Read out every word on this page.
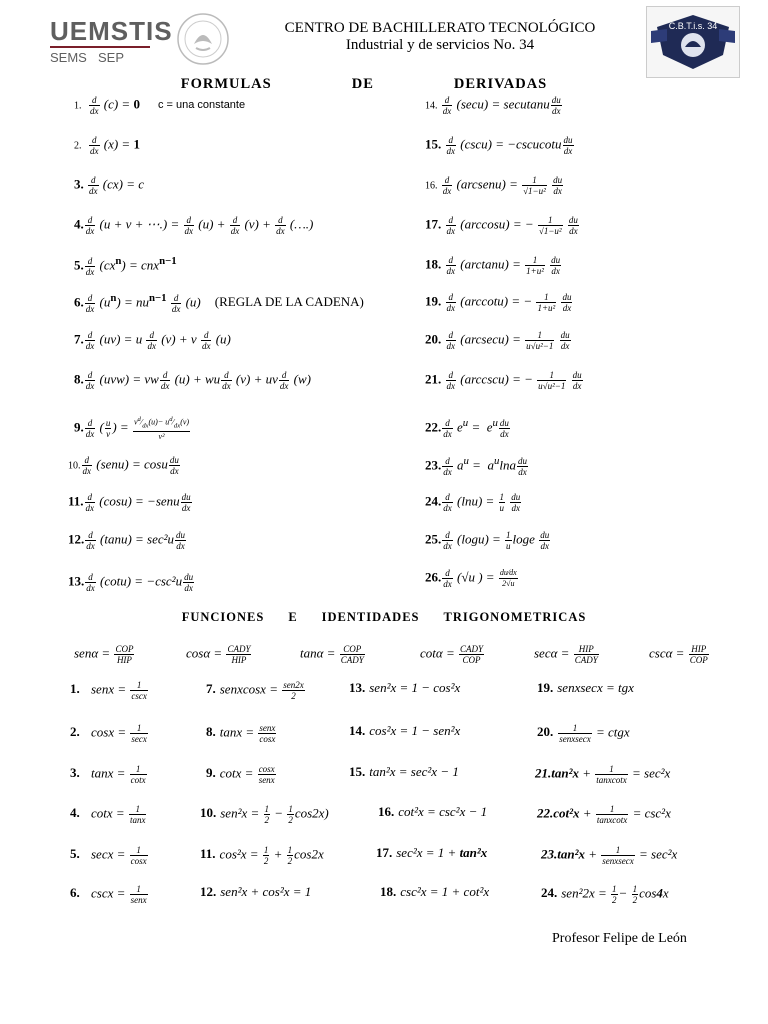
UEMSTIS
SEMS SEP
CENTRO DE BACHILLERATO TECNOLÓGICO
Industrial y de servicios No. 34
C.B.T.i.s. 34
FORMULAS	DE	DERIVADAS
1. $\frac{d}{dx} (c) = 0$ c = una constante
2. $\frac{d}{dx} (x) = 1$
3. $\frac{d}{dx} (cx) = c$
4. $\frac{d}{dx} (u + v$ + ⋯.) = $\frac{d}{dx} (u) + \frac{d}{dx} (v) + \frac{d}{dx}$ (….)
5. $\frac{d}{dx} (cx^n) = cnx^{n-1}$
6. $\frac{d}{dx} (u^n) = nu^{n-1} \frac{d}{dx} (u)$ (REGLA DE LA CADENA)
7. $\frac{d}{dx} (uv) = u \frac{d}{dx} (v) + v \frac{d}{dx} (u)$
8. $\frac{d}{dx} (uvw)$ = vw $\frac{d}{dx} (u)$ + wu $\frac{d}{dx} (v)$ + uv $\frac{d}{dx} (w)$
9. $\frac{d}{dx}$ ( $\frac{u}{v}$ ) = $\frac{v^d⁄_{dx}(u)- u^d⁄_{dx}(v)}{\text{v²}}$
10. $\frac{d}{dx}$ (senu) = cosu $\frac{du}{dx}$
11. $\frac{d}{dx} (\cos u)$ = −senu $\frac{du}{dx}$
12. $\frac{d}{dx} (\tan u) = \sec^2u \frac{du}{dx}$
13. $\frac{d}{dx} (\cot u) = -\csc^2u \frac{du}{dx}$
14. $\frac{d}{dx} (\sec u)$ = secutanu $\frac{du}{dx}$
15. $\frac{d}{dx} (\csc u)$ = −cscucotu $\frac{du}{dx}$
16. $\frac{d}{dx}$ (arcsenu) = $\frac{1}{\text{√1−u²}}$
$\frac{du}{dx}$
17. $\frac{d}{dx} (\arccos u)$ = − $\frac{1}{\text{√1−u²}}$
$\frac{du}{dx}$
18. $\frac{d}{dx} (\arctan u) = \frac{1}{\text{1+u²}}$
$\frac{du}{dx}$
19. $\frac{d}{dx} (arccotu)$ = − $\frac{1}{\text{1+u²}}$
$\frac{du}{dx}$
20. $\frac{d}{dx} (arcsecu) = \frac{1}{\text{u√u²−1}}$
$\frac{du}{dx}$
21. $\frac{d}{dx} (arccscu)$ = − $\frac{1}{\text{u√u²−1}}$
$\frac{du}{dx}$
22. $\frac{d}{dx} e^u = e^u \frac{du}{dx}$
23. $\frac{d}{dx} a^u = a^u\ln a \frac{du}{dx}$
24. $\frac{d}{dx} (\ln u) = \frac{1}{u}$
$\frac{du}{dx}$
25. $\frac{d}{dx} (\log u) = \frac{1}{u}$ loge $\frac{du}{dx}$
26. $\frac{d}{dx} (√u$ ) = $\frac{du⁄dx}{2√u}$
FUNCIONES E IDENTIDADES TRIGONOMETRICAS
senα = COP
HIP	cosα = CADY
HIP	tanα = COP
CADY	cotα = CADY
COP	secα = HIP
CADY	cscα = HIP
COP
1. senx = 1
cscx
2. cosx = 1
secx
3. $\tan x = \frac{1}{\cot x}$
4. $\cot x = \frac{1}{\tan x}$
5. $\sec x = \frac{1}{\cos x}$
6. cscx = 1
senx
7. senxcosx = sen2x
2
8. tanx = senx
cosx
9. cotx = cosx
senx
10. $sen^2x = \frac{1}{2} - \frac{1}{2} \cos 2x$)
11. $\cos^2x = \frac{1}{2} + \frac{1}{2} \cos 2x$
12. sen²x + cos²x = 1
13. sen²x = 1 − cos²x
14. cos²x = 1 − sen²x
15. tan²x = sec²x − 1
16. cot²x = csc²x − 1
17. sec²x = 1 + tan²x
18. csc²x = 1 + cot²x
19. senxsecx = tgx
20.	1
senxsecx = ctgx
$21.\tan^2x + \frac{1}{\text{tanxcotx}} = \sec^2x$
$22.\cot^2x + \frac{1}{\text{tanxcotx}} = \csc^2x$
23.tan²x +	1
senxsecx = sec²x
24. $sen^22x = \frac{1}{2} - \frac{1}{2} \cos 4x$
Profesor Felipe de León
